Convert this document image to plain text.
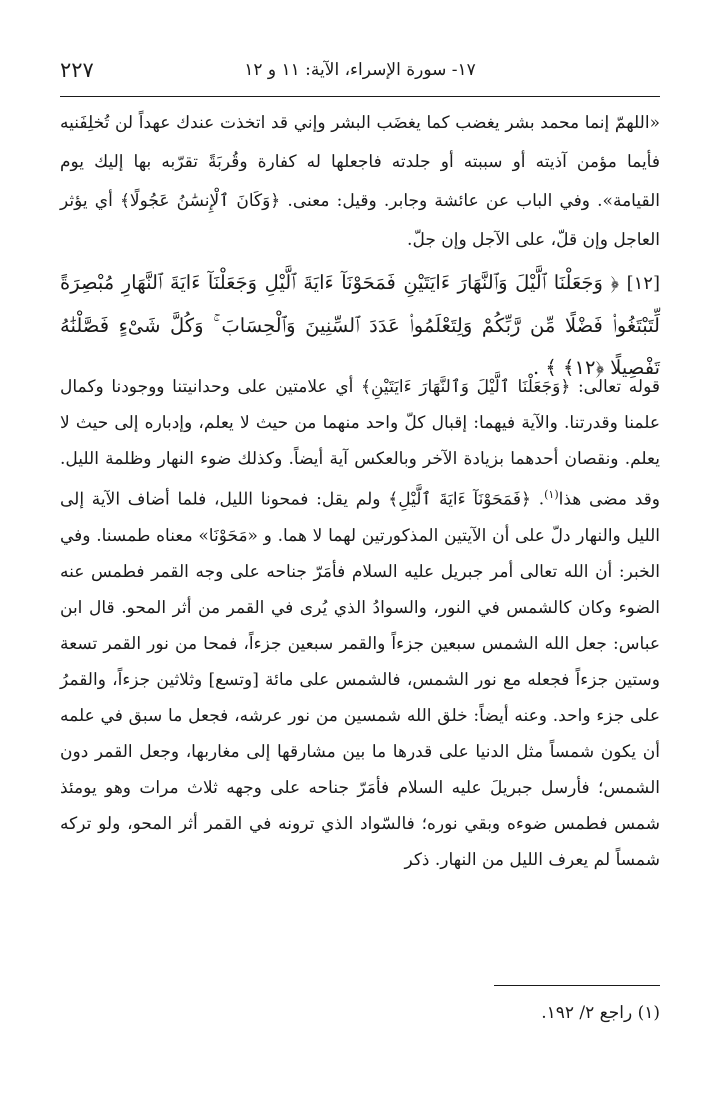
٢٢٧	١٧- سورة الإسراء، الآية: ١١ و ١٢
«اللهمّ إنما محمد بشر يغضب كما يغضَب البشر وإني قد اتخذت عندك عهداً لن تُخلِفَنيه فأيما مؤمن آذيته أو سببته أو جلدته فاجعلها له كفارة وقُربَةً تقرّبه بها إليك يوم القيامة». وفي الباب عن عائشة وجابر. وقيل: معنى. ﴿وَكَانَ ٱلْإِنسَٰنُ عَجُولًا﴾ أي يؤثر العاجل وإن قلّ، على الآجل وإن جلّ.
[١٢] ﴿ وَجَعَلْنَا ٱلَّيْلَ وَٱلنَّهَارَ ءَايَتَيْنِ فَمَحَوْنَآ ءَايَةَ ٱلَّيْلِ وَجَعَلْنَآ ءَايَةَ ٱلنَّهَارِ مُبْصِرَةً لِّتَبْتَغُوا۟ فَضْلًا مِّن رَّبِّكُمْ وَلِتَعْلَمُوا۟ عَدَدَ ٱلسِّنِينَ وَٱلْحِسَابَ ۚ وَكُلَّ شَىْءٍ فَصَّلْنَٰهُ تَفْصِيلًا ﴿١٢﴾ ﴾ .
قوله تعالى: ﴿وَجَعَلْنَا ٱلَّيْلَ وَٱلنَّهَارَ ءَايَتَيْنِ﴾ أي علامتين على وحدانيتنا ووجودنا وكمال علمنا وقدرتنا. والآية فيهما: إقبال كلّ واحد منهما من حيث لا يعلم، وإدباره إلى حيث لا يعلم. ونقصان أحدهما بزيادة الآخر وبالعكس آية أيضاً. وكذلك ضوء النهار وظلمة الليل. وقد مضى هذا$^{(١)}$. ﴿فَمَحَوْنَآ ءَايَةَ ٱلَّيْلِ﴾ ولم يقل: فمحونا الليل، فلما أضاف الآية إلى الليل والنهار دلّ على أن الآيتين المذكورتين لهما لا هما. و «مَحَوْنَا» معناه طمسنا. وفي الخبر: أن الله تعالى أمر جبريل عليه السلام فأمَرّ جناحه على وجه القمر فطمس عنه الضوء وكان كالشمس في النور، والسوادُ الذي يُرى في القمر من أثر المحو. قال ابن عباس: جعل الله الشمس سبعين جزءاً والقمر سبعين جزءاً، فمحا من نور القمر تسعة وستين جزءاً فجعله مع نور الشمس، فالشمس على مائة [وتسع] وثلاثين جزءاً، والقمرُ على جزء واحد. وعنه أيضاً: خلق الله شمسين من نور عرشه، فجعل ما سبق في علمه أن يكون شمساً مثل الدنيا على قدرها ما بين مشارقها إلى مغاربها، وجعل القمر دون الشمس؛ فأرسل جبريلَ عليه السلام فأمَرّ جناحه على وجهه ثلاث مرات وهو يومئذ شمس فطمس ضوءه وبقي نوره؛ فالسّواد الذي ترونه في القمر أثر المحو، ولو تركه شمساً لم يعرف الليل من النهار. ذكر
(١) راجع ٢/ ١٩٢.
